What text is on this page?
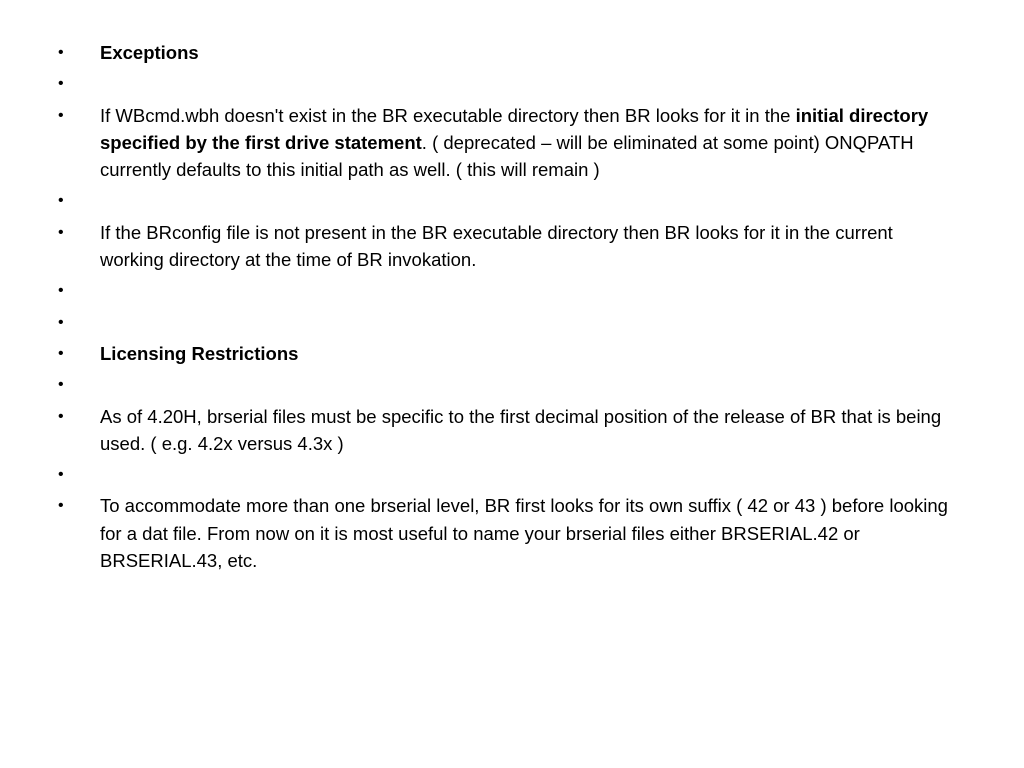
•	Exceptions
•
•	If WBcmd.wbh doesn't exist in the BR executable directory then BR looks for it in the initial directory specified by the first drive statement. ( deprecated – will be eliminated at some point) ONQPATH currently defaults to this initial path as well. ( this will remain )
•
•	If the BRconfig file is not present in the BR executable directory then BR looks for it in the current working directory at the time of BR invokation.
•
•
•	Licensing Restrictions
•
•	As of 4.20H, brserial files must be specific to the first decimal position of the release of BR that is being used. ( e.g. 4.2x versus 4.3x )
•
•	To accommodate more than one brserial level, BR first looks for its own suffix ( 42 or 43 ) before looking for a dat file. From now on it is most useful to name your brserial files either BRSERIAL.42 or BRSERIAL.43, etc.
